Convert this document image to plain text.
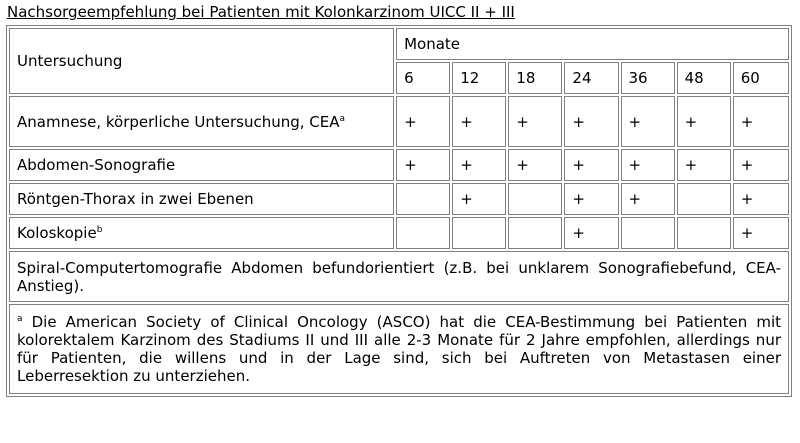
Nachsorgeempfehlung bei Patienten mit Kolonkarzinom UICC II + III
Untersuchung	Monate						
	6	12	18	24	36	48	60
Anamnese, körperliche Untersuchung, $CEA^a$	+	+	+	+	+	+	+
Abdomen-Sonografie	+	+	+	+	+	+	+
Röntgen-Thorax in zwei Ebenen		+		+	+		+
Koloskopie$^b$				+			+
Spiral-Computertomografie Abdomen befundorientiert (z.B. bei unklarem Sonografiebefund, CEA-Anstieg).							
$^a$ Die American Society of Clinical Oncology (ASCO) hat die CEA-Bestimmung bei Patienten mit kolorektalem Karzinom des Stadiums II und III alle 2-3 Monate für 2 Jahre empfohlen, allerdings nur für Patienten, die willens und in der Lage sind, sich bei Auftreten von Metastasen einer Leberresektion zu unterziehen.							
